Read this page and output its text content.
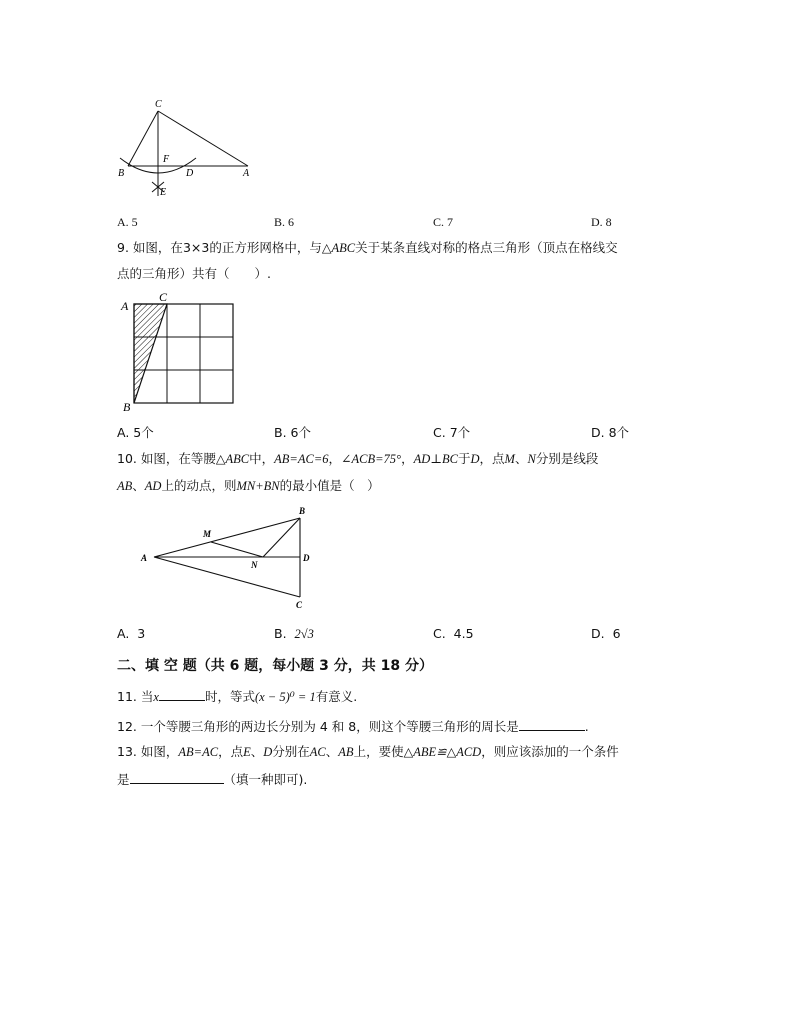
C
F
B	D	A
E
A. 5	B. 6	C. 7	D. 8
9. 如图，在3×3的正方形网格中，与△ABC关于某条直线对称的格点三角形（顶点在格线交
点的三角形）共有（　　）.
A
C
B
A. 5个	B. 6个	C. 7个	D. 8个
10. 如图，在等腰△ABC中，AB=AC=6，∠ACB=75°，AD⊥BC于D，点M、N分别是线段
AB、AD上的动点，则MN+BN的最小值是（　）
A
B
D
C
M
N
A. 3	B. 2√3	C. 4.5	D. 6
二、填 空 题（共 6 题，每小题 3 分，共 18 分）
11. 当x	时，等式(x − 5)⁰ = 1有意义.
12. 一个等腰三角形的两边长分别为 4 和 8，则这个等腰三角形的周长是	.
13. 如图，AB=AC，点E、D分别在AC、AB上，要使△ABE≌△ACD，则应该添加的一个条件
是	（填一种即可).
